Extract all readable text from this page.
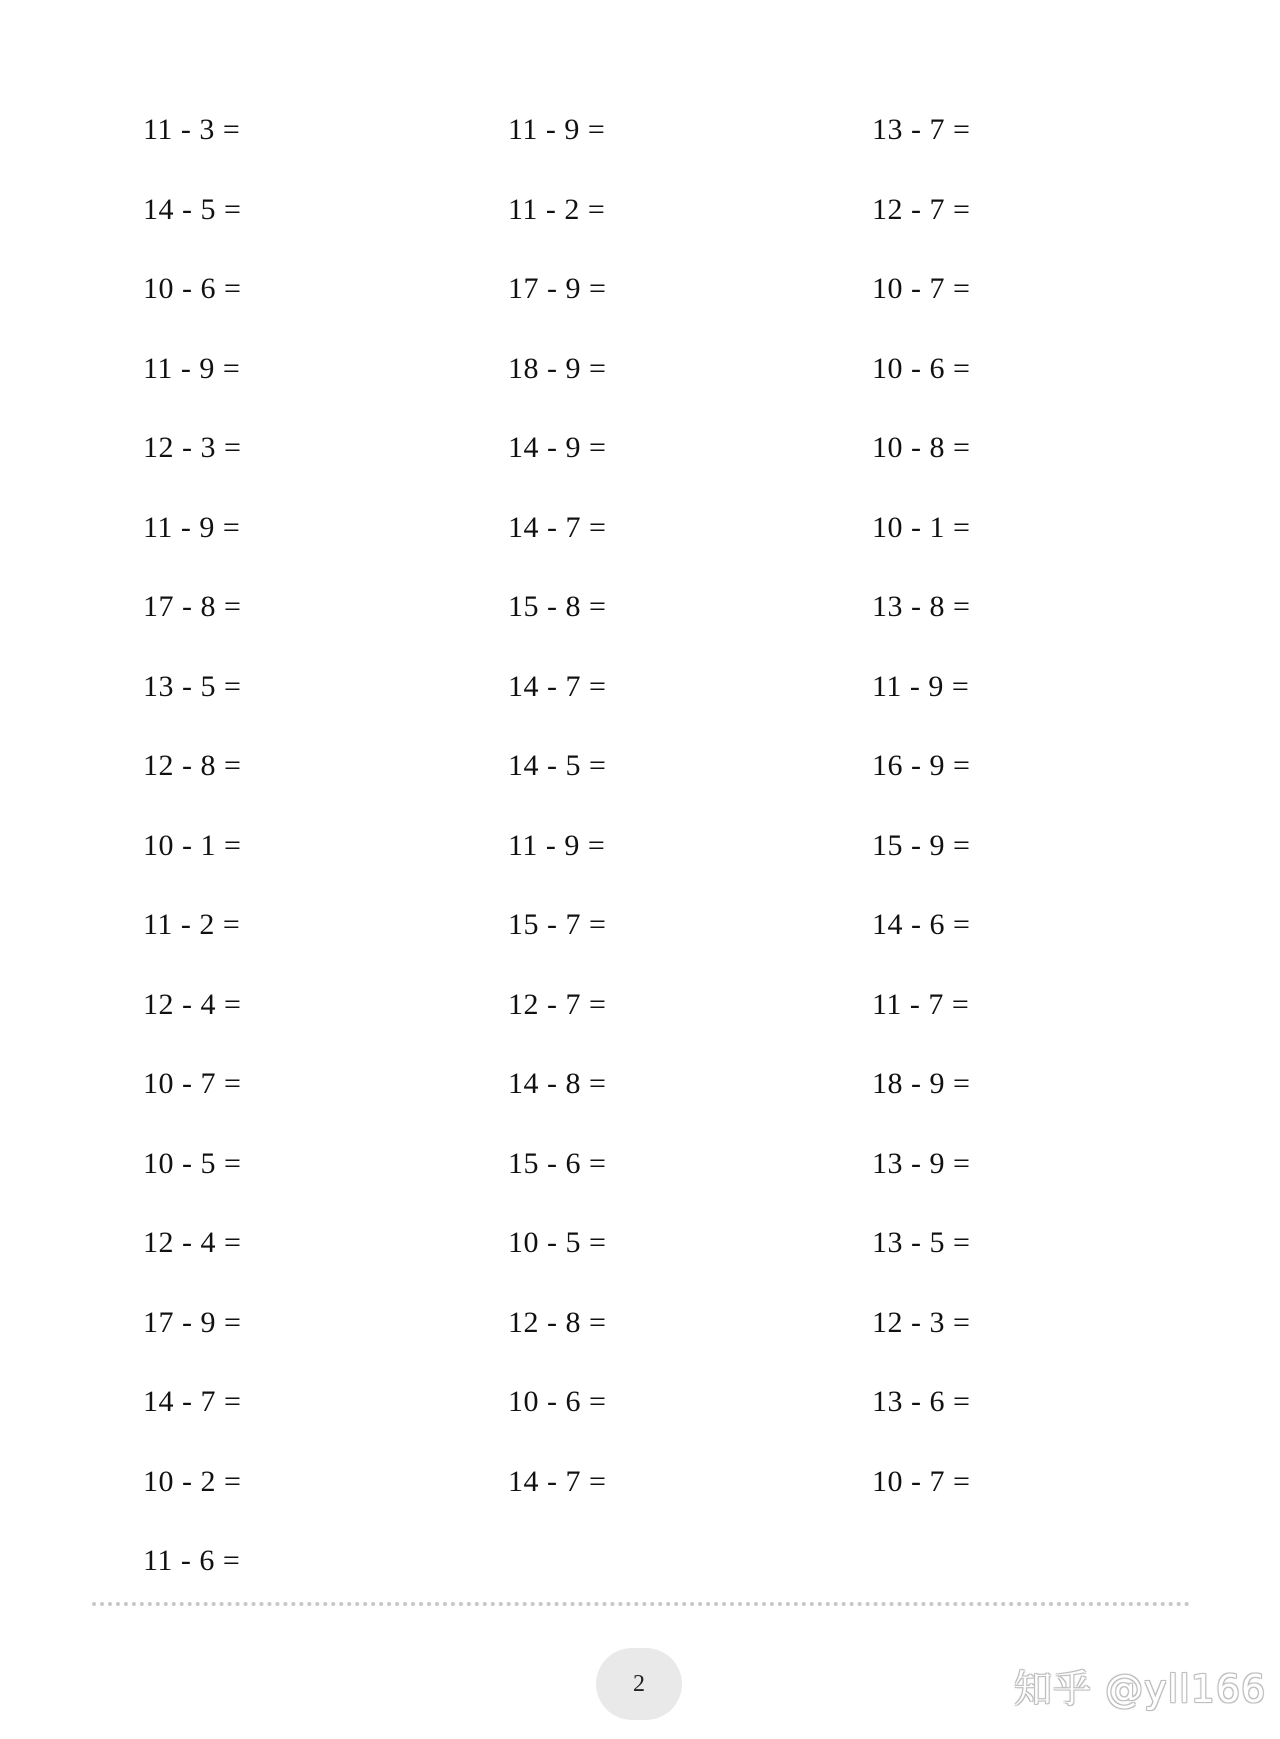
11 - 3 =
14 - 5 =
10 - 6 =
11 - 9 =
12 - 3 =
11 - 9 =
17 - 8 =
13 - 5 =
12 - 8 =
10 - 1 =
11 - 2 =
12 - 4 =
10 - 7 =
10 - 5 =
12 - 4 =
17 - 9 =
14 - 7 =
10 - 2 =
11 - 6 =
11 - 9 =
11 - 2 =
17 - 9 =
18 - 9 =
14 - 9 =
14 - 7 =
15 - 8 =
14 - 7 =
14 - 5 =
11 - 9 =
15 - 7 =
12 - 7 =
14 - 8 =
15 - 6 =
10 - 5 =
12 - 8 =
10 - 6 =
14 - 7 =
13 - 7 =
12 - 7 =
10 - 7 =
10 - 6 =
10 - 8 =
10 - 1 =
13 - 8 =
11 - 9 =
16 - 9 =
15 - 9 =
14 - 6 =
11 - 7 =
18 - 9 =
13 - 9 =
13 - 5 =
12 - 3 =
13 - 6 =
10 - 7 =
2	知乎 @yll166
